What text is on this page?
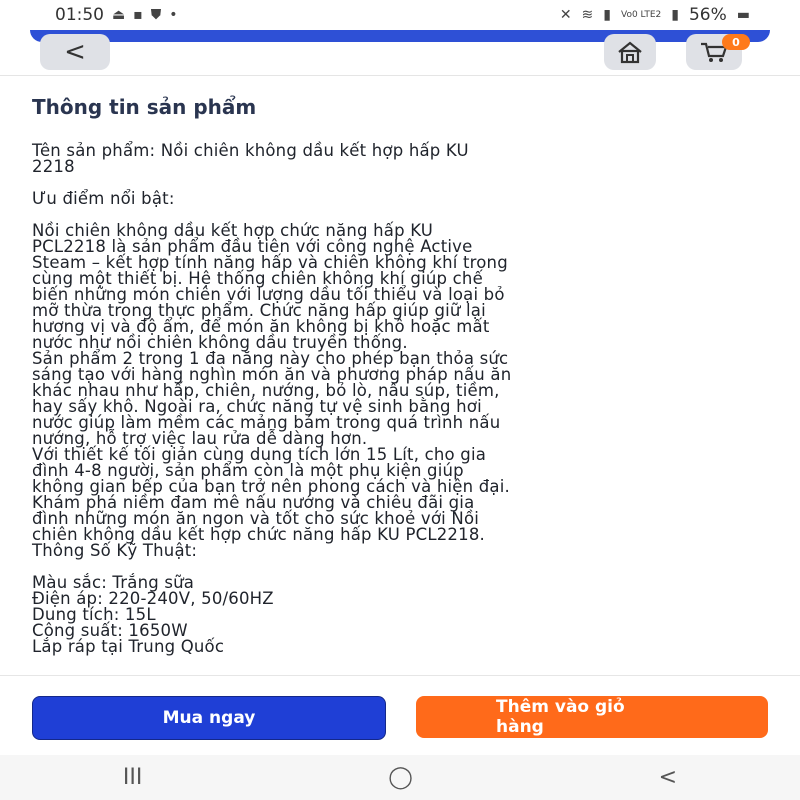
01:50 ⏏ ▪ ⛊ •	✕ ≋ ▮ Vo0 LTE2 ▮ 56% ▬
<	0
Thông tin sản phẩm

Tên sản phẩm: Nồi chiên không dầu kết hợp hấp KU
2218

Ưu điểm nổi bật:

Nồi chiên không dầu kết hợp chức năng hấp KU
PCL2218 là sản phẩm đầu tiên với công nghệ Active
Steam – kết hợp tính năng hấp và chiên không khí trong
cùng một thiết bị. Hệ thống chiên không khí giúp chế
biến những món chiên với lượng dầu tối thiểu và loại bỏ
mỡ thừa trong thực phẩm. Chức năng hấp giúp giữ lại
hương vị và độ ẩm, để món ăn không bị khô hoặc mất
nước như nồi chiên không dầu truyền thống.
Sản phẩm 2 trong 1 đa năng này cho phép bạn thỏa sức
sáng tạo với hàng nghìn món ăn và phương pháp nấu ăn
khác nhau như hấp, chiên, nướng, bỏ lò, nấu súp, tiềm,
hay sấy khô. Ngoài ra, chức năng tự vệ sinh bằng hơi
nước giúp làm mềm các mảng bám trong quá trình nấu
nướng, hỗ trợ việc lau rửa dễ dàng hơn.
Với thiết kế tối giản cùng dung tích lớn 15 Lít, cho gia
đình 4-8 người, sản phẩm còn là một phụ kiện giúp
không gian bếp của bạn trở nên phong cách và hiện đại.
Khám phá niềm đam mê nấu nướng và chiêu đãi gia
đình những món ăn ngon và tốt cho sức khoẻ với Nồi
chiên không dầu kết hợp chức năng hấp KU PCL2218.
Thông Số Kỹ Thuật:

Màu sắc: Trắng sữa
Điện áp: 220-240V, 50/60HZ
Dung tích: 15L
Công suất: 1650W
Lắp ráp tại Trung Quốc

Mua ngay
Thêm vào giỏ
hàng
III	◯	<
